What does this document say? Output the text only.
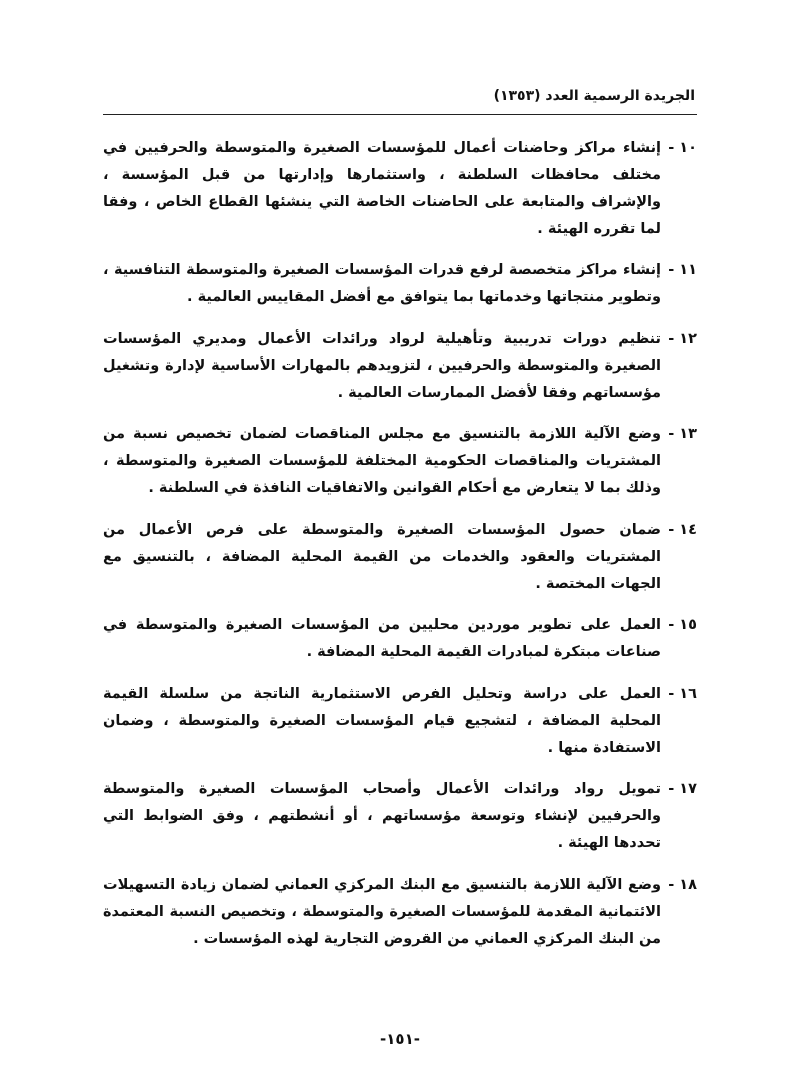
الجريدة الرسمية العدد (١٣٥٣)
١٠ -

إنشاء مراكز وحاضنات أعمال للمؤسسات الصغيرة والمتوسطة والحرفيين في مختلف محافظات السلطنة ، واستثمارها وإدارتها من قبل المؤسسة ، والإشراف والمتابعة على الحاضنات الخاصة التي ينشئها القطاع الخاص ، وفقا لما تقرره الهيئة .

١١ -

إنشاء مراكز متخصصة لرفع قدرات المؤسسات الصغيرة والمتوسطة التنافسية ، وتطوير منتجاتها وخدماتها بما يتوافق مع أفضل المقاييس العالمية .

١٢ -

تنظيم دورات تدريبية وتأهيلية لرواد ورائدات الأعمال ومديري المؤسسات الصغيرة والمتوسطة والحرفيين ، لتزويدهم بالمهارات الأساسية لإدارة وتشغيل مؤسساتهم وفقا لأفضل الممارسات العالمية .

١٣ -

وضع الآلية اللازمة بالتنسيق مع مجلس المناقصات لضمان تخصيص نسبة من المشتريات والمناقصات الحكومية المختلفة للمؤسسات الصغيرة والمتوسطة ، وذلك بما لا يتعارض مع أحكام القوانين والاتفاقيات النافذة في السلطنة .

١٤ -

ضمان حصول المؤسسات الصغيرة والمتوسطة على فرص الأعمال من المشتريات والعقود والخدمات من القيمة المحلية المضافة ، بالتنسيق مع الجهات المختصة .

١٥ -

العمل على تطوير موردين محليين من المؤسسات الصغيرة والمتوسطة في صناعات مبتكرة لمبادرات القيمة المحلية المضافة .

١٦ -

العمل على دراسة وتحليل الفرص الاستثمارية الناتجة من سلسلة القيمة المحلية المضافة ، لتشجيع قيام المؤسسات الصغيرة والمتوسطة ، وضمان الاستفادة منها .

١٧ -

تمويل رواد ورائدات الأعمال وأصحاب المؤسسات الصغيرة والمتوسطة والحرفيين لإنشاء وتوسعة مؤسساتهم ، أو أنشطتهم ، وفق الضوابط التي تحددها الهيئة .

١٨ -

وضع الآلية اللازمة بالتنسيق مع البنك المركزي العماني لضمان زيادة التسهيلات الائتمانية المقدمة للمؤسسات الصغيرة والمتوسطة ، وتخصيص النسبة المعتمدة من البنك المركزي العماني من القروض التجارية لهذه المؤسسات .

-١٥١-
